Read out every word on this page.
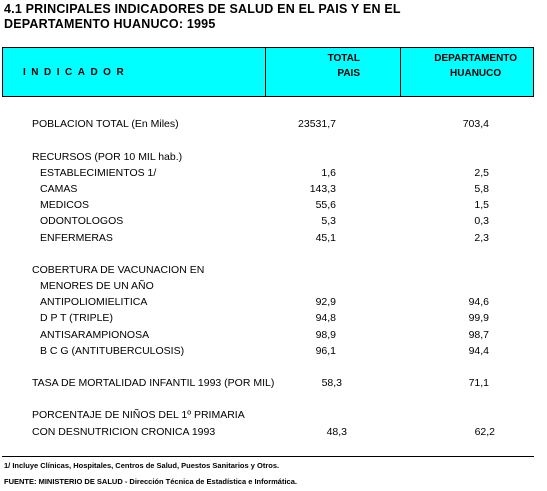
4.1 PRINCIPALES INDICADORES DE SALUD EN EL PAIS Y EN EL
DEPARTAMENTO HUANUCO: 1995
INDICADOR
TOTAL
PAIS
DEPARTAMENTO
HUANUCO
POBLACION TOTAL (En Miles)	23531,7	703,4
RECURSOS (POR 10 MIL hab.)
ESTABLECIMIENTOS 1/	1,6	2,5
CAMAS	143,3	5,8
MEDICOS	55,6	1,5
ODONTOLOGOS	5,3	0,3
ENFERMERAS	45,1	2,3
COBERTURA DE VACUNACION EN
MENORES DE UN AÑO
ANTIPOLIOMIELITICA	92,9	94,6
D P T (TRIPLE)	94,8	99,9
ANTISARAMPIONOSA	98,9	98,7
B C G (ANTITUBERCULOSIS)	96,1	94,4
TASA DE MORTALIDAD INFANTIL 1993 (POR MIL)	58,3	71,1
PORCENTAJE DE NIÑOS DEL 1º PRIMARIA
CON DESNUTRICION CRONICA 1993	48,3	62,2
1/ Incluye Clínicas, Hospitales, Centros de Salud, Puestos Sanitarios y Otros.
FUENTE: MINISTERIO DE SALUD - Dirección Técnica de Estadística e Informática.
